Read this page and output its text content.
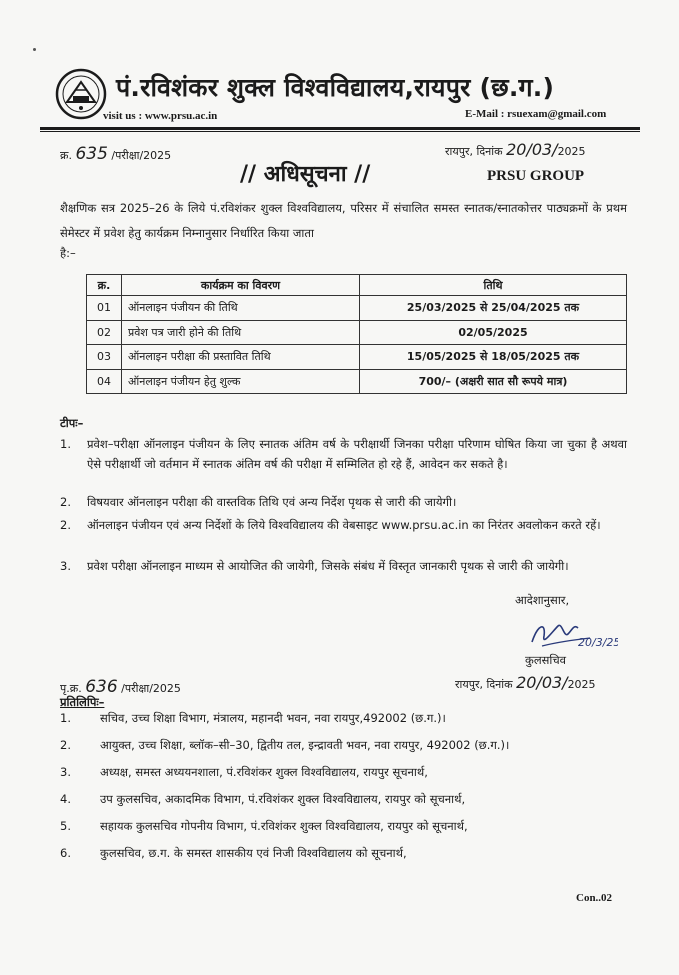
पं.रविशंकर शुक्ल विश्वविद्यालय,रायपुर (छ.ग.)
visit us : www.prsu.ac.in	E-Mail : rsuexam@gmail.com
क्र. 635 /परीक्षा/2025	रायपुर, दिनांक 20/03/2025
// अधिसूचना //	PRSU GROUP
शैक्षणिक सत्र 2025–26 के लिये पं.रविशंकर शुक्ल विश्वविद्यालय, परिसर में संचालित समस्त स्नातक/स्नातकोत्तर पाठ्यक्रमों के प्रथम सेमेस्टर में प्रवेश हेतु कार्यक्रम निम्नानुसार निर्धारित किया जाता
है:–
क्र.	कार्यक्रम का विवरण	तिथि
01	ऑनलाइन पंजीयन की तिथि	25/03/2025 से 25/04/2025 तक
02	प्रवेश पत्र जारी होने की तिथि	02/05/2025
03	ऑनलाइन परीक्षा की प्रस्तावित तिथि	15/05/2025 से 18/05/2025 तक
04	ऑनलाइन पंजीयन हेतु शुल्क	700/– (अक्षरी सात सौ रूपये मात्र)
टीपः–
1. प्रवेश–परीक्षा ऑनलाइन पंजीयन के लिए स्नातक अंतिम वर्ष के परीक्षार्थी जिनका परीक्षा परिणाम घोषित किया जा चुका है अथवा ऐसे परीक्षार्थी जो वर्तमान में स्नातक अंतिम वर्ष की परीक्षा में सम्मिलित हो रहे हैं, आवेदन कर सकते है।
2. विषयवार ऑनलाइन परीक्षा की वास्तविक तिथि एवं अन्य निर्देश पृथक से जारी की जायेगी।
2. ऑनलाइन पंजीयन एवं अन्य निर्देशों के लिये विश्वविद्यालय की वेबसाइट www.prsu.ac.in का निरंतर अवलोकन करते रहें।
3. प्रवेश परीक्षा ऑनलाइन माध्यम से आयोजित की जायेगी, जिसके संबंध में विस्तृत जानकारी पृथक से जारी की जायेगी।
आदेशानुसार,
20/3/25
कुलसचिव
पृ.क्र. 636 /परीक्षा/2025	रायपुर, दिनांक 20/03/2025
प्रतिलिपिः–
1.	सचिव, उच्च शिक्षा विभाग, मंत्रालय, महानदी भवन, नवा रायपुर,492002 (छ.ग.)।
2.	आयुक्त, उच्च शिक्षा, ब्लॉक–सी–30, द्वितीय तल, इन्द्रावती भवन, नवा रायपुर, 492002 (छ.ग.)।
3.	अध्यक्ष, समस्त अध्ययनशाला, पं.रविशंकर शुक्ल विश्वविद्यालय, रायपुर सूचनार्थ,
4.	उप कुलसचिव, अकादमिक विभाग, पं.रविशंकर शुक्ल विश्वविद्यालय, रायपुर को सूचनार्थ,
5.	सहायक कुलसचिव गोपनीय विभाग, पं.रविशंकर शुक्ल विश्वविद्यालय, रायपुर को सूचनार्थ,
6.	कुलसचिव, छ.ग. के समस्त शासकीय एवं निजी विश्वविद्यालय को सूचनार्थ,
Con..02
